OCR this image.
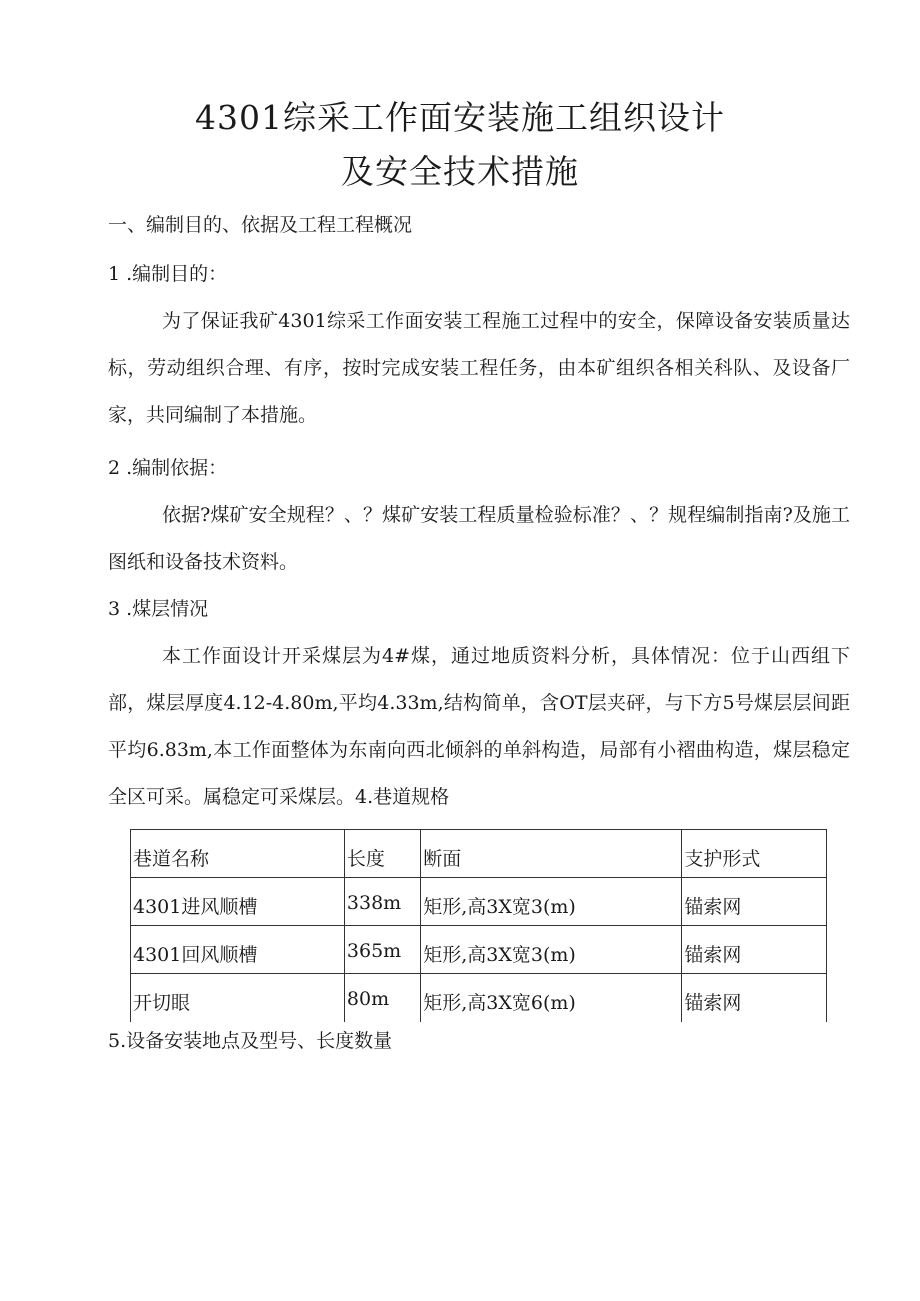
4301综采工作面安装施工组织设计
及安全技术措施
一、编制目的、依据及工程工程概况
1 .编制目的：

为了保证我矿4301综采工作面安装工程施工过程中的安全，保障设备安装质量达标，劳动组织合理、有序，按时完成安装工程任务，由本矿组织各相关科队、及设备厂家，共同编制了本措施。

2 .编制依据：

依据?煤矿安全规程？、？煤矿安装工程质量检验标准？、？规程编制指南?及施工图纸和设备技术资料。

3 .煤层情况

本工作面设计开采煤层为4#煤，通过地质资料分析，具体情况：位于山西组下部，煤层厚度4.12-4.80m,平均4.33m,结构简单，含OT层夹砰，与下方5号煤层层间距平均6.83m,本工作面整体为东南向西北倾斜的单斜构造，局部有小褶曲构造，煤层稳定全区可采。属稳定可采煤层。4.巷道规格

巷道名称	长度	断面	支护形式
4301进风顺槽	338m	矩形,高3X宽3(m)	锚索网
4301回风顺槽	365m	矩形,高3X宽3(m)	锚索网
开切眼	80m	矩形,高3X宽6(m)	锚索网
5.设备安装地点及型号、长度数量
